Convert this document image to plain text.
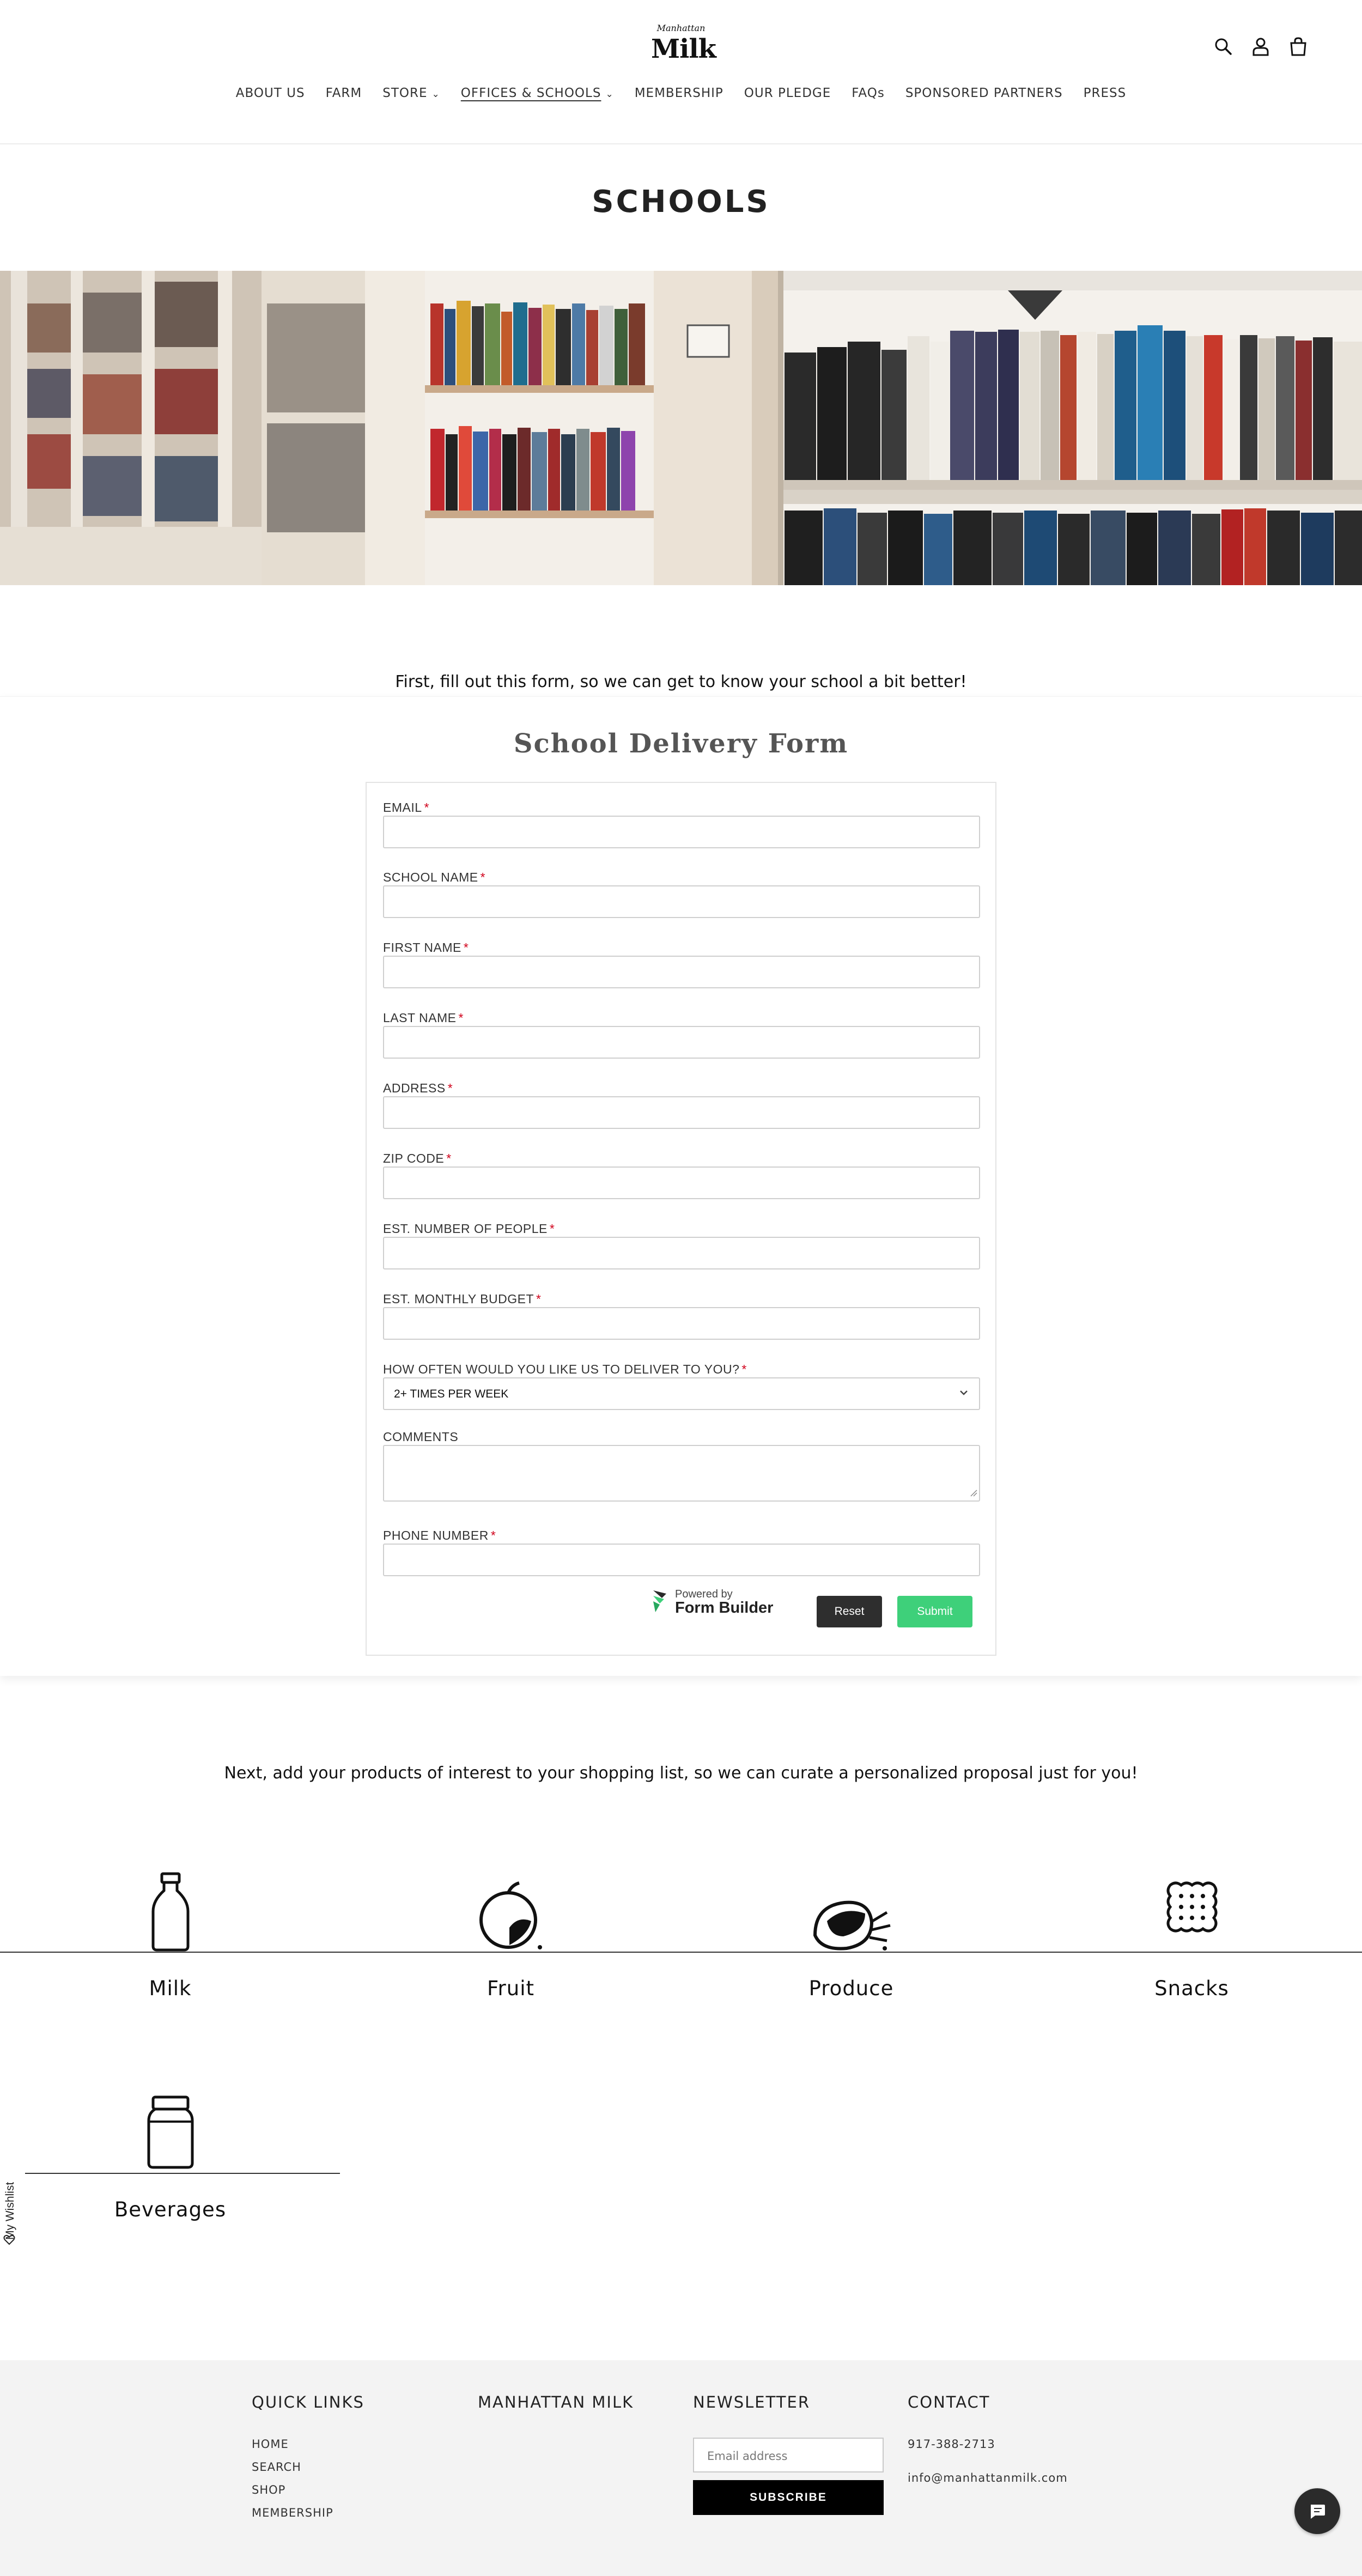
Manhattan
Milk
ABOUT US FARM STORE ⌄ OFFICES & SCHOOLS ⌄ MEMBERSHIP OUR PLEDGE FAQs SPONSORED PARTNERS PRESS
SCHOOLS

First, fill out this form, so we can get to know your school a bit better!

School Delivery Form
EMAIL *
SCHOOL NAME *
FIRST NAME *
LAST NAME *
ADDRESS *
ZIP CODE *
EST. NUMBER OF PEOPLE *
EST. MONTHLY BUDGET *
HOW OFTEN WOULD YOU LIKE US TO DELIVER TO YOU? *
2+ TIMES PER WEEK
COMMENTS
PHONE NUMBER *
Powered by
Form Builder	Reset	Submit

Next, add your products of interest to your shopping list, so we can curate a personalized proposal just for you!

Milk	Fruit	Produce	Snacks
Beverages
My Wishlist
QUICK LINKS
HOME
SEARCH
SHOP
MEMBERSHIP
MANHATTAN MILK	NEWSLETTER
Email address
SUBSCRIBE
CONTACT
917-388-2713
info@manhattanmilk.com
